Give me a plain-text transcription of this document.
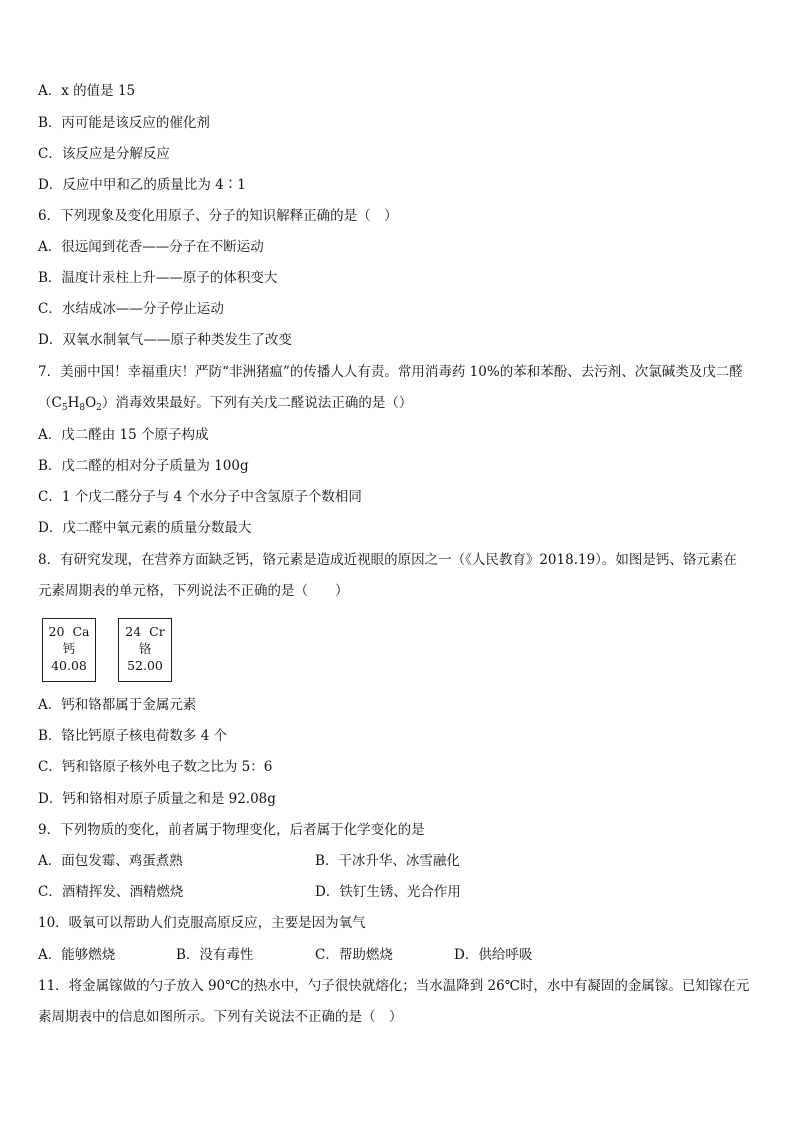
A．x 的值是 15
B．丙可能是该反应的催化剂
C．该反应是分解反应
D．反应中甲和乙的质量比为 4∶1
6．下列现象及变化用原子、分子的知识解释正确的是（　）
A．很远闻到花香——分子在不断运动
B．温度计汞柱上升——原子的体积变大
C．水结成冰——分子停止运动
D．双氧水制氧气——原子种类发生了改变
7．美丽中国！幸福重庆！严防“非洲猪瘟”的传播人人有责。常用消毒药 10%的苯和苯酚、去污剂、次氯碱类及戊二醛
$(C_5H_8O_2)$消毒效果最好。下列有关戊二醛说法正确的是（）
A．戊二醛由 15 个原子构成
B．戊二醛的相对分子质量为 100g
C．1 个戊二醛分子与 4 个水分子中含氢原子个数相同
D．戊二醛中氧元素的质量分数最大
8．有研究发现，在营养方面缺乏钙，铬元素是造成近视眼的原因之一（《人民教育》2018.19）。如图是钙、铬元素在
元素周期表的单元格，下列说法不正确的是（　　）
20 Ca
钙
40.08
24 Cr
铬
52.00
A．钙和铬都属于金属元素
B．铬比钙原子核电荷数多 4 个
C．钙和铬原子核外电子数之比为 5：6
D．钙和铬相对原子质量之和是 92.08g
9．下列物质的变化，前者属于物理变化，后者属于化学变化的是
A．面包发霉、鸡蛋煮熟	B．干冰升华、冰雪融化
C．酒精挥发、酒精燃烧	D．铁钉生锈、光合作用
10．吸氧可以帮助人们克服高原反应，主要是因为氧气
A．能够燃烧	B．没有毒性	C．帮助燃烧	D．供给呼吸
11．将金属镓做的勺子放入 90℃的热水中，勺子很快就熔化；当水温降到 26℃时，水中有凝固的金属镓。已知镓在元
素周期表中的信息如图所示。下列有关说法不正确的是（　）
